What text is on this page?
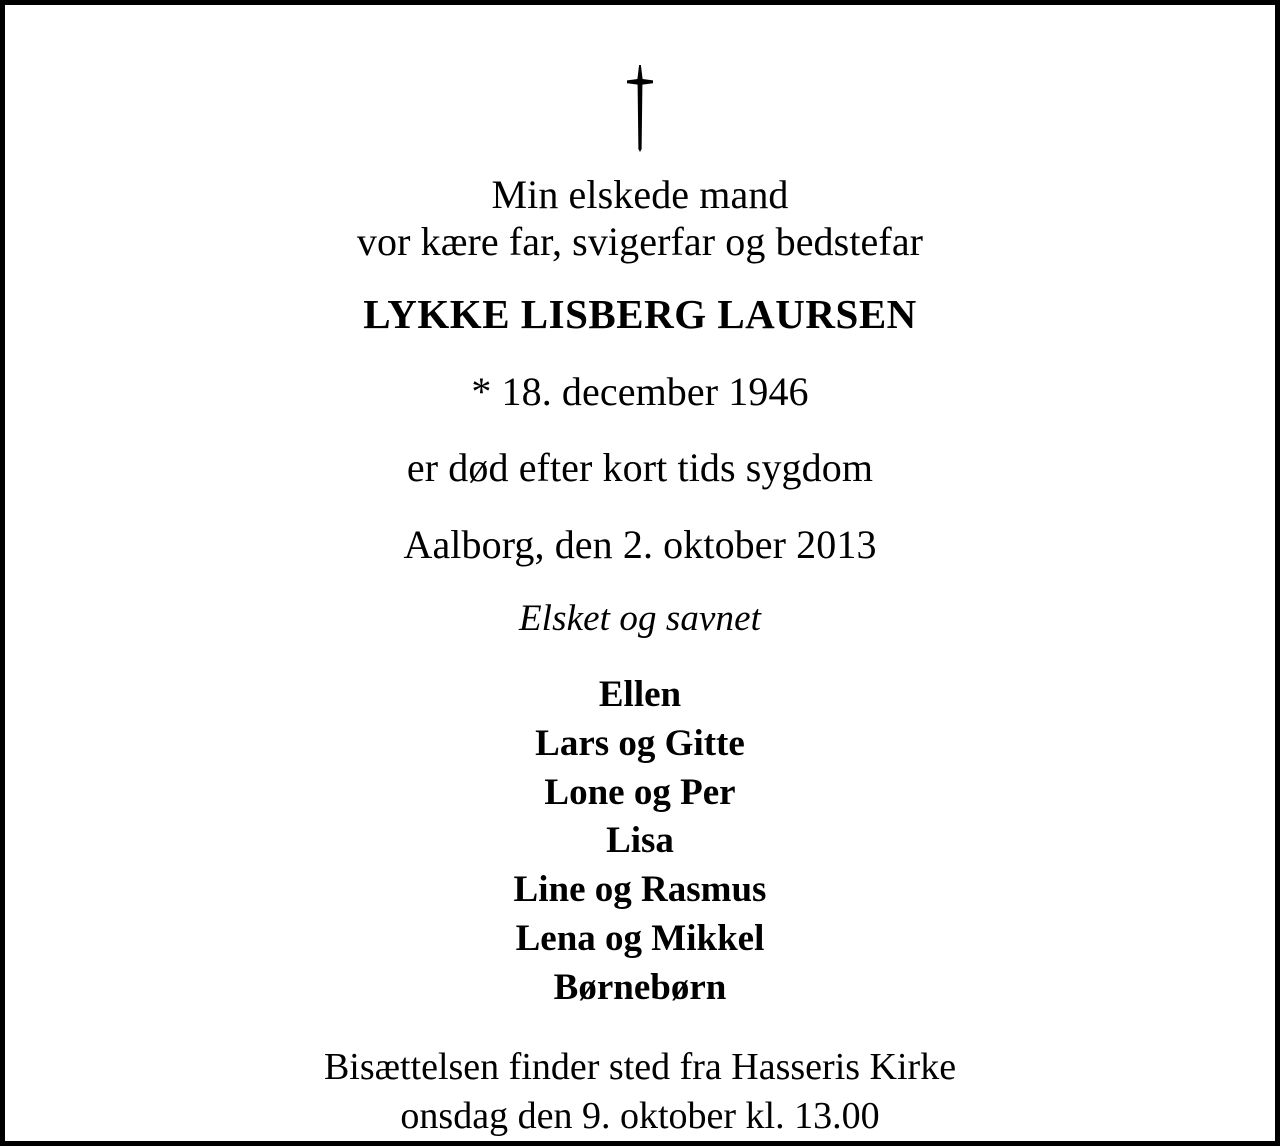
Min elskede mand
vor kære far, svigerfar og bedstefar
LYKKE LISBERG LAURSEN
* 18. december 1946
er død efter kort tids sygdom
Aalborg, den 2. oktober 2013
Elsket og savnet
Ellen
Lars og Gitte
Lone og Per
Lisa
Line og Rasmus
Lena og Mikkel
Børnebørn
Bisættelsen finder sted fra Hasseris Kirke
onsdag den 9. oktober kl. 13.00
